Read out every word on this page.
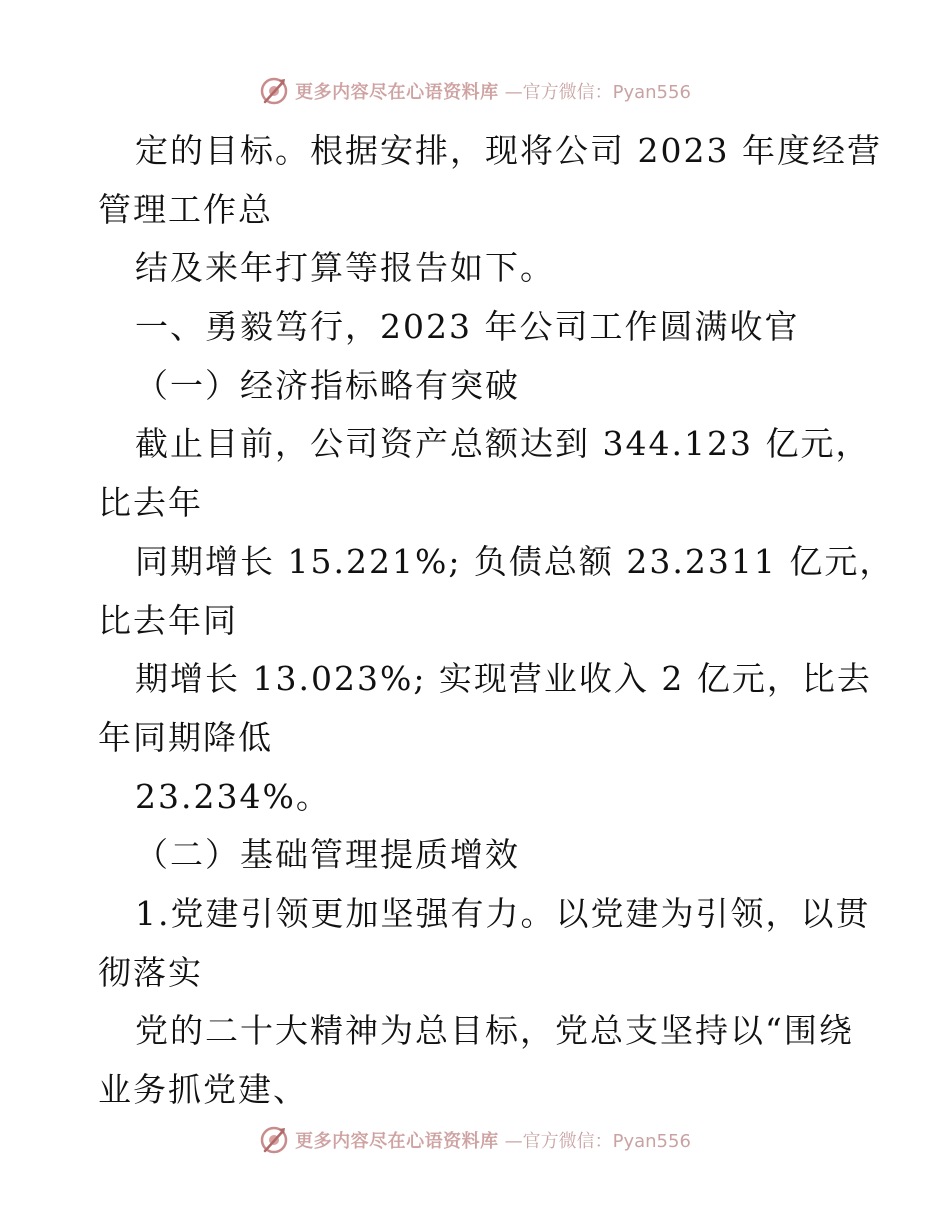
更多内容尽在心语资料库 —官方微信：Pyan556
定的目标。根据安排，现将公司 2023 年度经营
管理工作总
结及来年打算等报告如下。
一、勇毅笃行，2023 年公司工作圆满收官
（一）经济指标略有突破
截止目前，公司资产总额达到 344.123 亿元，
比去年
同期增长 15.221%; 负债总额 23.2311 亿元，
比去年同
期增长 13.023%; 实现营业收入 2 亿元，比去
年同期降低
23.234%。
（二）基础管理提质增效
1.党建引领更加坚强有力。以党建为引领，以贯
彻落实
党的二十大精神为总目标，党总支坚持以“围绕
业务抓党建、
更多内容尽在心语资料库 —官方微信：Pyan556
